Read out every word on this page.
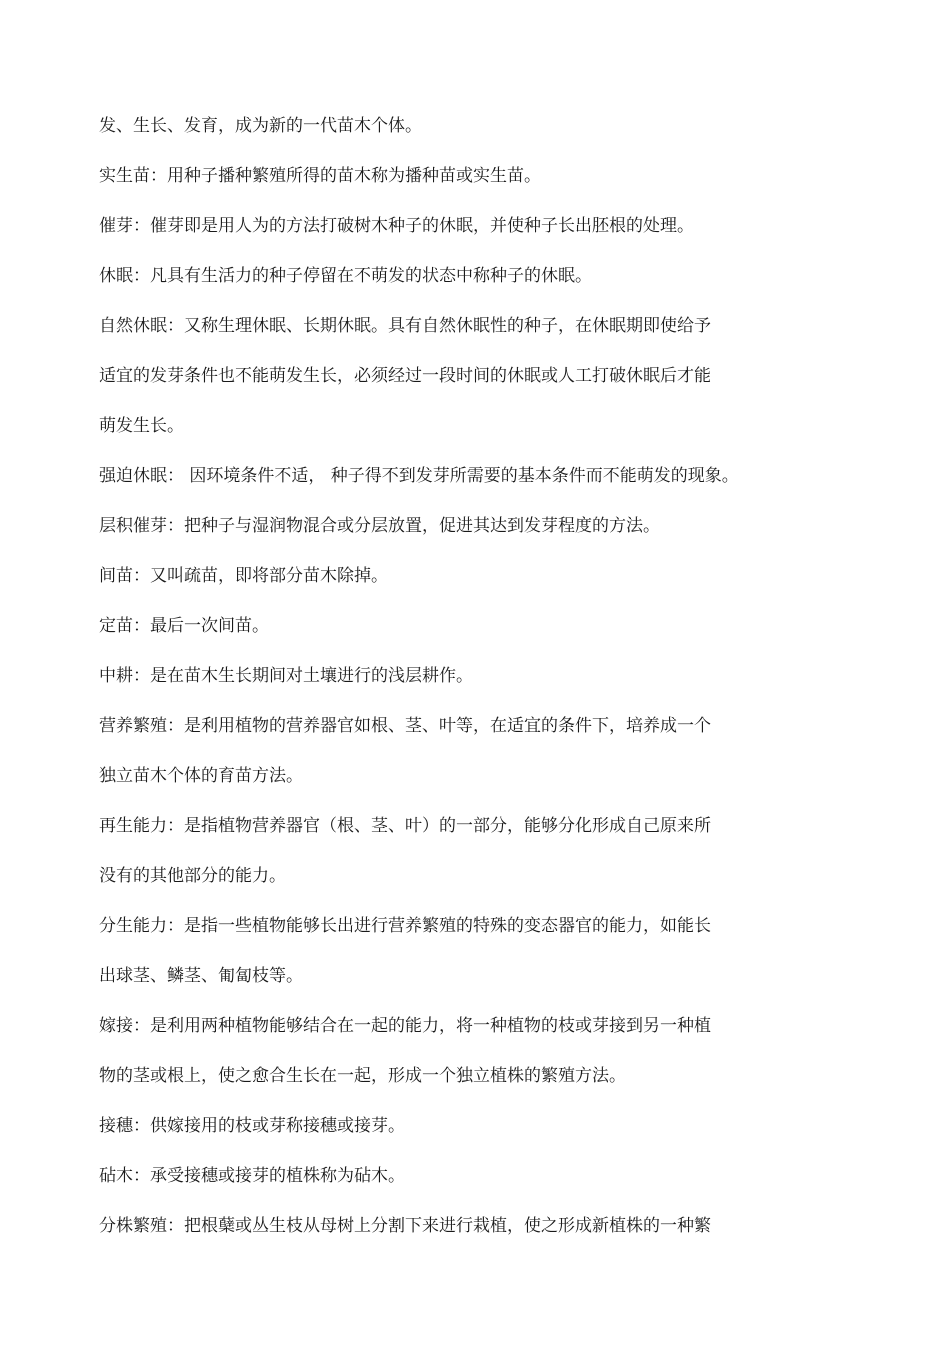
发、生长、发育，成为新的一代苗木个体。
实生苗：用种子播种繁殖所得的苗木称为播种苗或实生苗。
催芽：催芽即是用人为的方法打破树木种子的休眠，并使种子长出胚根的处理。
休眠：凡具有生活力的种子停留在不萌发的状态中称种子的休眠。
自然休眠：又称生理休眠、长期休眠。具有自然休眠性的种子，在休眠期即使给予
适宜的发芽条件也不能萌发生长，必须经过一段时间的休眠或人工打破休眠后才能
萌发生长。
强迫休眠： 因环境条件不适， 种子得不到发芽所需要的基本条件而不能萌发的现象。
层积催芽：把种子与湿润物混合或分层放置，促进其达到发芽程度的方法。
间苗：又叫疏苗，即将部分苗木除掉。
定苗：最后一次间苗。
中耕：是在苗木生长期间对土壤进行的浅层耕作。
营养繁殖：是利用植物的营养器官如根、茎、叶等，在适宜的条件下，培养成一个
独立苗木个体的育苗方法。
再生能力：是指植物营养器官（根、茎、叶）的一部分，能够分化形成自己原来所
没有的其他部分的能力。
分生能力：是指一些植物能够长出进行营养繁殖的特殊的变态器官的能力，如能长
出球茎、鳞茎、匍匐枝等。
嫁接：是利用两种植物能够结合在一起的能力，将一种植物的枝或芽接到另一种植
物的茎或根上，使之愈合生长在一起，形成一个独立植株的繁殖方法。
接穗：供嫁接用的枝或芽称接穗或接芽。
砧木：承受接穗或接芽的植株称为砧木。
分株繁殖：把根蘖或丛生枝从母树上分割下来进行栽植，使之形成新植株的一种繁
